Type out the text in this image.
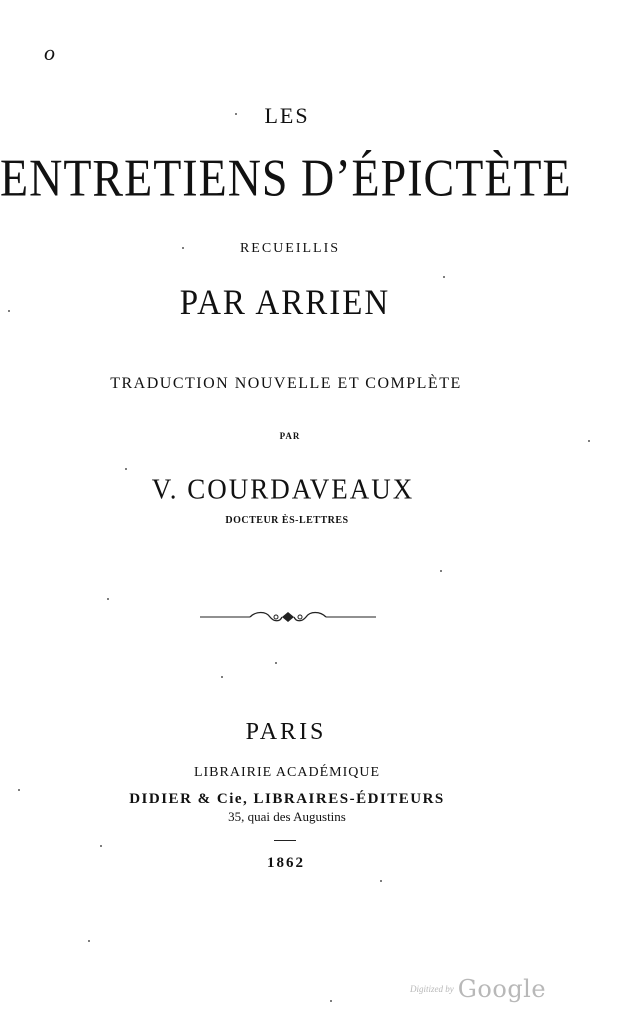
o
LES
ENTRETIENS D’ÉPICTÈTE
RECUEILLIS
PAR ARRIEN
TRADUCTION NOUVELLE ET COMPLÈTE
PAR
V. COURDAVEAUX
DOCTEUR ÈS-LETTRES
PARIS
LIBRAIRIE ACADÉMIQUE
DIDIER & Cie, LIBRAIRES-ÉDITEURS
35, quai des Augustins
1862
Digitized by Google
